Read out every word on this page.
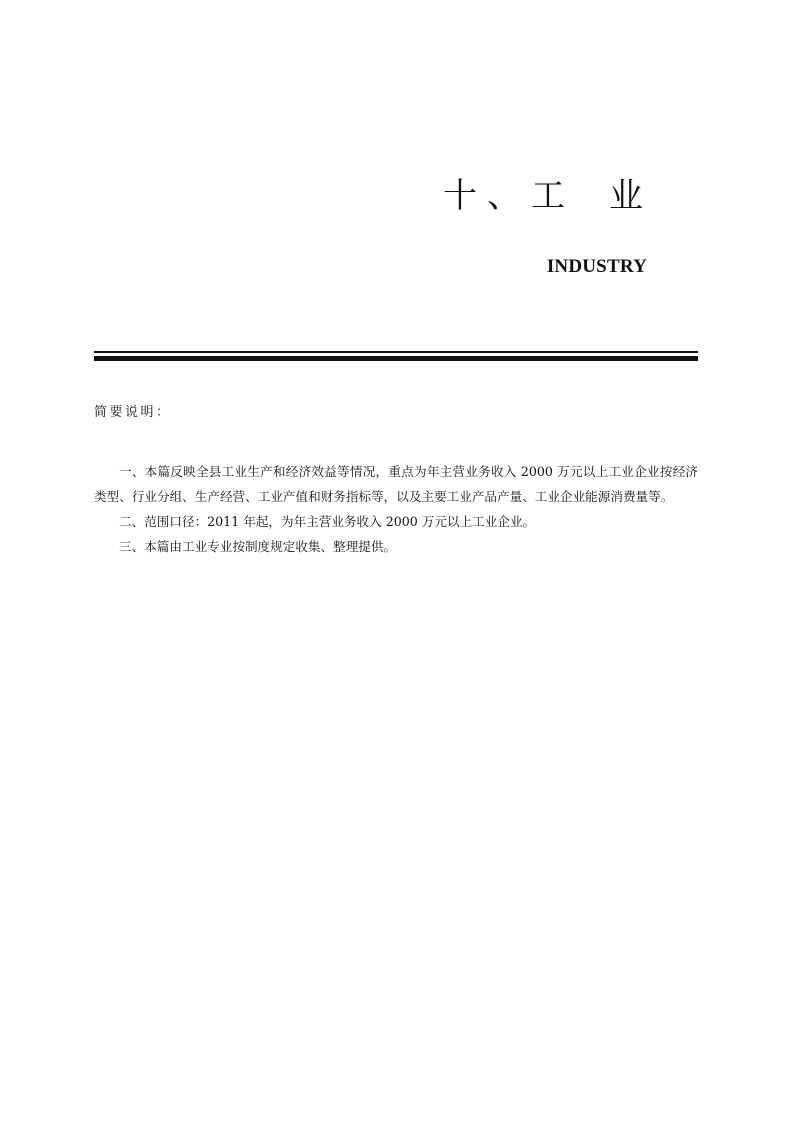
十、工 业
INDUSTRY
简要说明：

一、本篇反映全县工业生产和经济效益等情况，重点为年主营业务收入 2000 万元以上工业企业按经济类型、行业分组、生产经营、工业产值和财务指标等，以及主要工业产品产量、工业企业能源消费量等。

二、范围口径：2011 年起，为年主营业务收入 2000 万元以上工业企业。

三、本篇由工业专业按制度规定收集、整理提供。
